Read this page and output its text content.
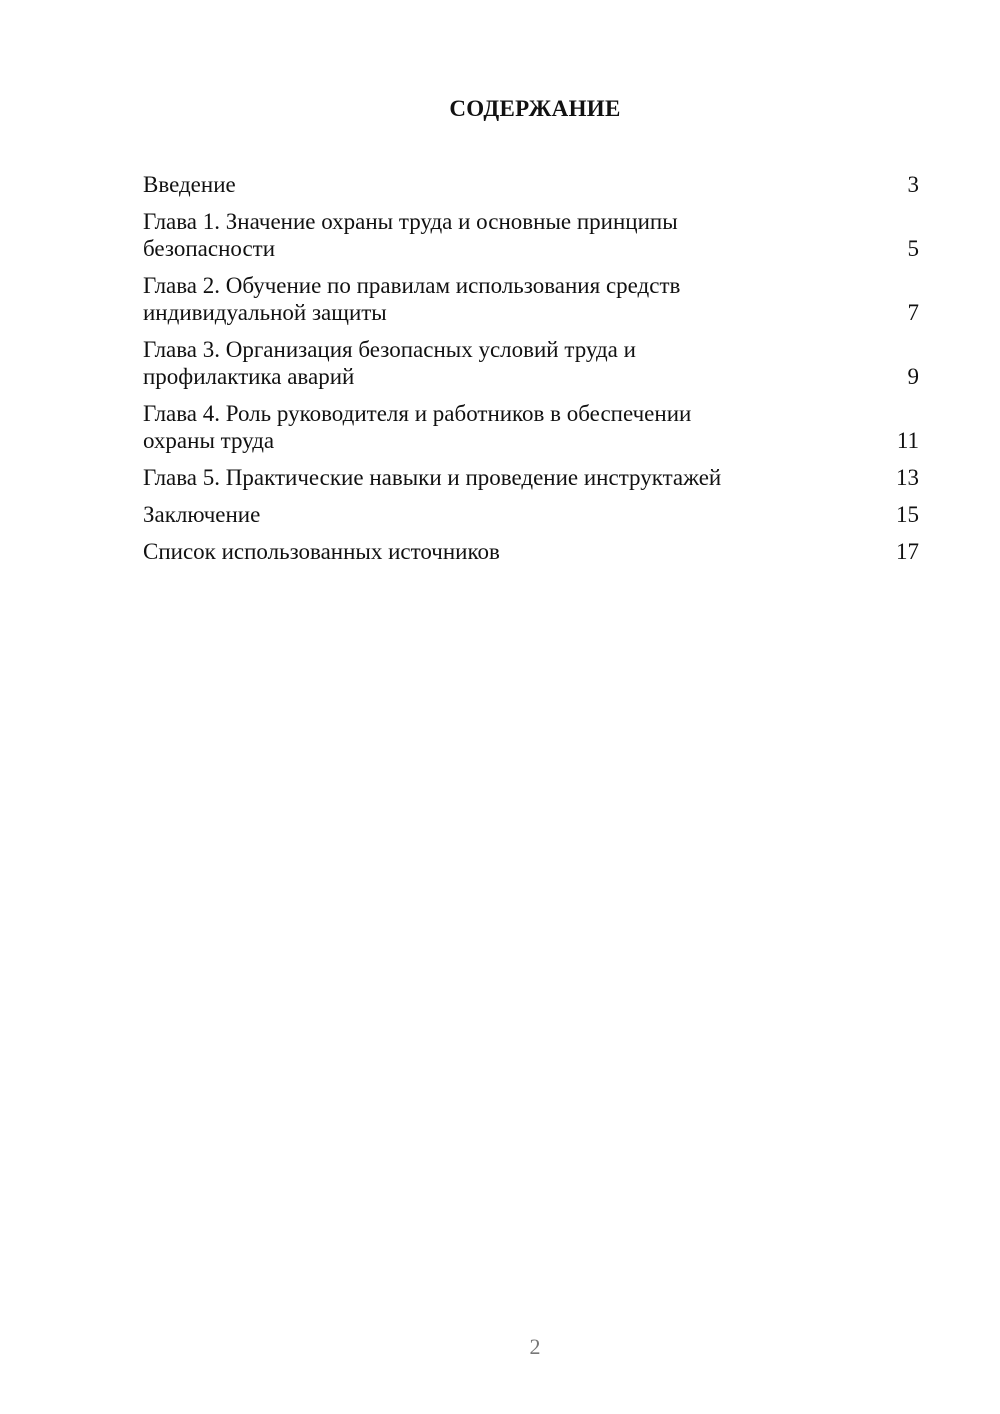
СОДЕРЖАНИЕ
Введение	3
Глава 1. Значение охраны труда и основные принципы
безопасности	5
Глава 2. Обучение по правилам использования средств
индивидуальной защиты	7
Глава 3. Организация безопасных условий труда и
профилактика аварий	9
Глава 4. Роль руководителя и работников в обеспечении
охраны труда	11
Глава 5. Практические навыки и проведение инструктажей	13
Заключение	15
Список использованных источников	17
2
